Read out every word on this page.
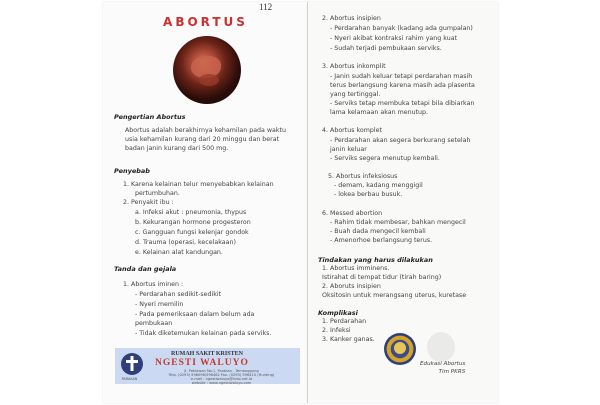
112
ABORTUS
Pengertian Abortus
Abortus adalah berakhirnya kehamilan pada waktu
usia kehamilan kurang dari 20 minggu dan berat
badan janin kurang dari 500 mg.
Penyebab
1. Karena kelainan telur menyebabkan kelainan
pertumbuhan.
2. Penyakit ibu :
a. Infeksi akut : pneumonia, thypus
b. Kekurangan hormone progesteron
c. Gangguan fungsi kelenjar gondok
d. Trauma (operasi, kecelakaan)
e. Kelainan alat kandungan.
Tanda dan gejala
1. Abortus iminen :
- Perdarahan sedikit-sedikit
- Nyeri memilin
- Pada pemeriksaan dalam belum ada
pembukaan
- Tidak diketemukan kelainan pada serviks.
PARAKAN
RUMAH SAKIT KRISTEN
NGESTI WALUYO
Jl. Pahlawan No.1, Parakan - Temanggung
Telp. (0293) 596096/596462 Fax. (0293) 596410 (Hunting)
e-mail : ngestiwaluyo@indo.net.id
website : www.ngestiwaluyo.com
2. Abortus insipien
- Perdarahan banyak (kadang ada gumpalan)
- Nyeri akibat kontraksi rahim yang kuat
- Sudah terjadi pembukaan serviks.
3. Abortus inkomplit
- Janin sudah keluar tetapi perdarahan masih
terus berlangsung karena masih ada plasenta
yang tertinggal.
- Serviks tetap membuka tetapi bila dibiarkan
lama kelamaan akan menutup.
4. Abortus komplet
- Perdarahan akan segera berkurang setelah
janin keluar
- Serviks segera menutup kembali.
5. Abortus infeksiosus
- demam, kadang menggigil
- lokea berbau busuk.
6. Messed abortion
- Rahim tidak membesar, bahkan mengecil
- Buah dada mengecil kembali
- Amenorhoe berlangsung terus.
Tindakan yang harus dilakukan
1. Abortus imminens.
Istirahat di tempat tidur (tirah baring)
2. Aboruts insipien
Oksitosin untuk merangsang uterus, kuretase
Komplikasi
1. Perdarahan
2. Infeksi
3. Kanker ganas.
Edukasi Abortus
Tim PKRS
